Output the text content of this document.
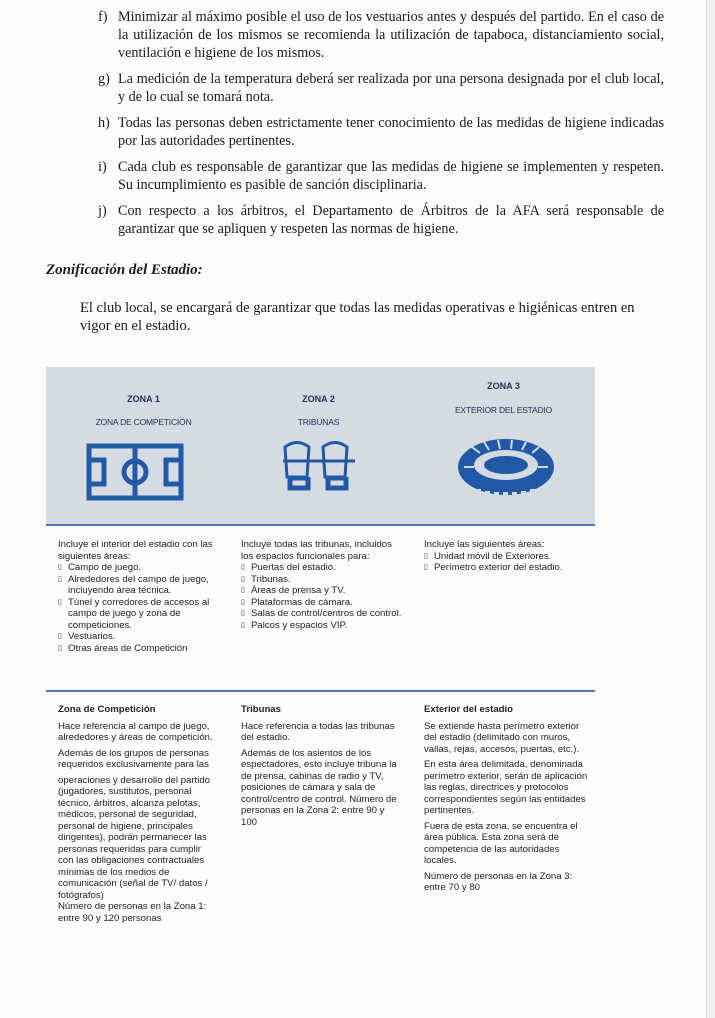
f) Minimizar al máximo posible el uso de los vestuarios antes y después del partido. En el caso de la utilización de los mismos se recomienda la utilización de tapaboca, distanciamiento social, ventilación e higiene de los mismos.
g) La medición de la temperatura deberá ser realizada por una persona designada por el club local, y de lo cual se tomará nota.
h) Todas las personas deben estrictamente tener conocimiento de las medidas de higiene indicadas por las autoridades pertinentes.
i) Cada club es responsable de garantizar que las medidas de higiene se implementen y respeten. Su incumplimiento es pasible de sanción disciplinaria.
j) Con respecto a los árbitros, el Departamento de Árbitros de la AFA será responsable de garantizar que se apliquen y respeten las normas de higiene.
Zonificación del Estadio:
El club local, se encargará de garantizar que todas las medidas operativas e higiénicas entren en vigor en el estadio.
ZONA 1
ZONA DE COMPETICIÓN
ZONA 2
TRIBUNAS
ZONA 3
EXTERIOR DEL ESTADIO
Incluye el interior del estadio con las siguientes áreas:
▯ Campo de juego.
▯ Alrededores del campo de juego, incluyendo área técnica.
▯ Túnel y corredores de accesos al campo de juego y zona de competiciones.
▯ Vestuarios.
▯ Otras áreas de Competición
Incluye todas las tribunas, incluidos los espacios funcionales para:
▯ Puertas del estadio.
▯ Tribunas.
▯ Áreas de prensa y TV.
▯ Plataformas de cámara.
▯ Salas de control/centros de control.
▯ Palcos y espacios VIP.
Incluye las siguientes áreas:
▯ Unidad móvil de Exteriores.
▯ Perímetro exterior del estadio.
Zona de Competición

Hace referencia al campo de juego, alrededores y áreas de competición.

Además de los grupos de personas requeridos exclusivamente para las

operaciones y desarrollo del partido (jugadores, sustitutos, personal técnico, árbitros, alcanza pelotas, médicos, personal de seguridad, personal de higiene, principales dirigentes), podrán permanecer las personas requeridas para cumplir con las obligaciones contractuales mínimas de los medios de comunicación (señal de TV/ datos / fotógrafos)

Número de personas en la Zona 1: entre 90 y 120 personas

Tribunas

Hace referencia a todas las tribunas del estadio.

Además de los asientos de los espectadores, esto incluye tribuna la de prensa, cabinas de radio y TV, posiciones de cámara y sala de control/centro de control. Número de personas en la Zona 2: entre 90 y 100

Exterior del estadio

Se extiende hasta perímetro exterior del estadio (delimitado con muros, vallas, rejas, accesos, puertas, etc.).

En esta área delimitada, denominada perímetro exterior, serán de aplicación las reglas, directrices y protocolos correspondientes según las entidades pertinentes.

Fuera de esta zona, se encuentra el área pública. Esta zona será de competencia de las autoridades locales.

Número de personas en la Zona 3: entre 70 y 80
